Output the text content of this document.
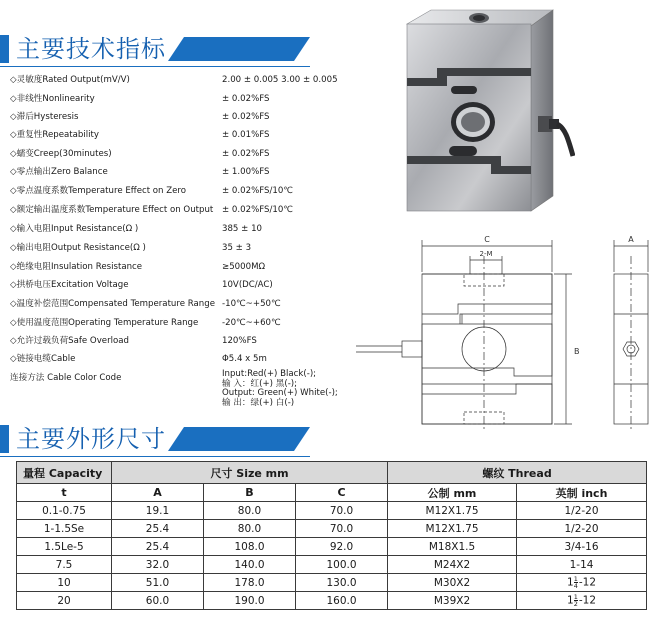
主要技术指标
◇灵敏度Rated Output(mV/V)	2.00 ± 0.005 3.00 ± 0.005
◇非线性Nonlinearity	± 0.02%FS
◇滞后Hysteresis	± 0.02%FS
◇重复性Repeatability	± 0.01%FS
◇蠕变Creep(30minutes)	± 0.02%FS
◇零点输出Zero Balance	± 1.00%FS
◇零点温度系数Temperature Effect on Zero	± 0.02%FS/10℃
◇额定输出温度系数Temperature Effect on Output ± 0.02%FS/10℃
◇输入电阻Input Resistance(Ω )	385 ± 10
◇输出电阻Output Resistance(Ω )	35 ± 3
◇绝缘电阻Insulation Resistance	≥5000MΩ
◇拱桥电压Excitation Voltage	10V(DC/AC)
◇温度补偿范围Compensated Temperature Range -10℃~+50℃
◇使用温度范围Operating Temperature Range	-20℃~+60℃
◇允许过载负荷Safe Overload	120%FS
◇链接电缆Cable	Φ5.4 x 5m
连接方法 Cable Color Code	Input:Red(+) Black(-);
输 入：红(+) 黑(-);
Output: Green(+) White(-);
输 出：绿(+) 白(-)
C
2-M
B
A
主要外形尺寸
量程 Capacity	尺寸 Size mm			螺纹 Thread	
t	A	B	C	公制 mm	英制 inch
0.1-0.75	19.1	80.0	70.0	M12X1.75	1/2-20
1-1.5Se	25.4	80.0	70.0	M12X1.75	1/2-20
1.5Le-5	25.4	108.0	92.0	M18X1.5	3/4-16
7.5	32.0	140.0	100.0	M24X2	1-14
10	51.0	178.0	130.0	M30X2	$1 \frac{1}{4} -12$
20	60.0	190.0	160.0	M39X2	$1 \frac{1}{2} -12$
